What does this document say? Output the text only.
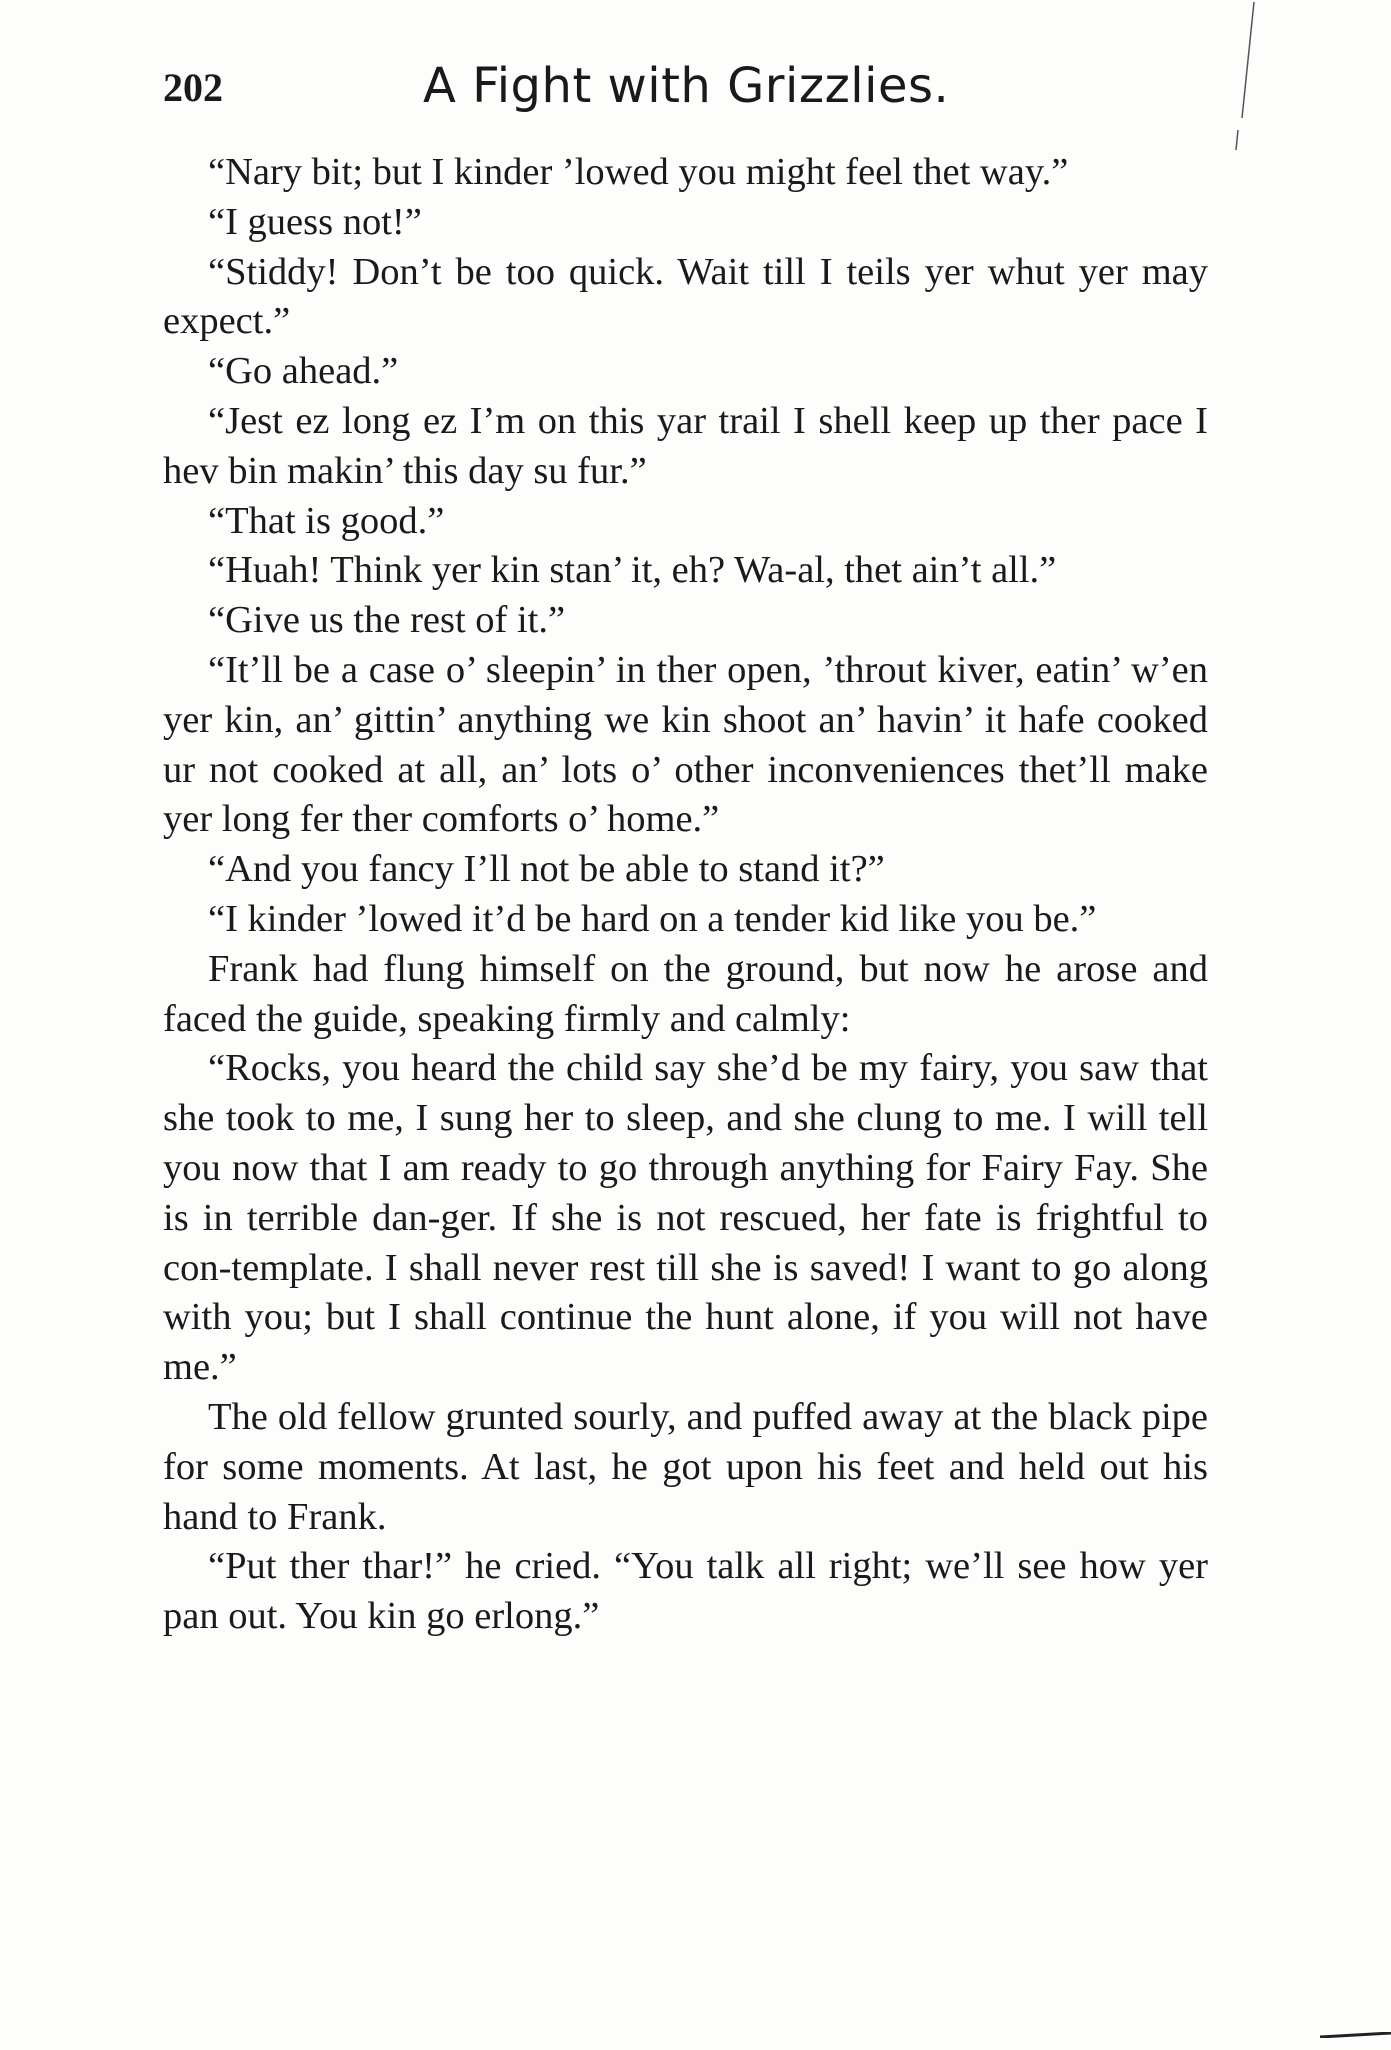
202	A Fight with Grizzlies.

“Nary bit; but I kinder ’lowed you might feel thet way.”

“I guess not!”

“Stiddy! Don’t be too quick. Wait till I teils yer whut yer may expect.”

“Go ahead.”

“Jest ez long ez I’m on this yar trail I shell keep up ther pace I hev bin makin’ this day su fur.”

“That is good.”

“Huah! Think yer kin stan’ it, eh? Wa-al, thet ain’t all.”

“Give us the rest of it.”

“It’ll be a case o’ sleepin’ in ther open, ’throut kiver, eatin’ w’en yer kin, an’ gittin’ anything we kin shoot an’ havin’ it hafe cooked ur not cooked at all, an’ lots o’ other inconveniences thet’ll make yer long fer ther comforts o’ home.”

“And you fancy I’ll not be able to stand it?”

“I kinder ’lowed it’d be hard on a tender kid like you be.”

Frank had flung himself on the ground, but now he arose and faced the guide, speaking firmly and calmly:

“Rocks, you heard the child say she’d be my fairy, you saw that she took to me, I sung her to sleep, and she clung to me. I will tell you now that I am ready to go through anything for Fairy Fay. She is in terrible dan-ger. If she is not rescued, her fate is frightful to con-template. I shall never rest till she is saved! I want to go along with you; but I shall continue the hunt alone, if you will not have me.”

The old fellow grunted sourly, and puffed away at the black pipe for some moments. At last, he got upon his feet and held out his hand to Frank.

“Put ther thar!” he cried. “You talk all right; we’ll see how yer pan out. You kin go erlong.”
